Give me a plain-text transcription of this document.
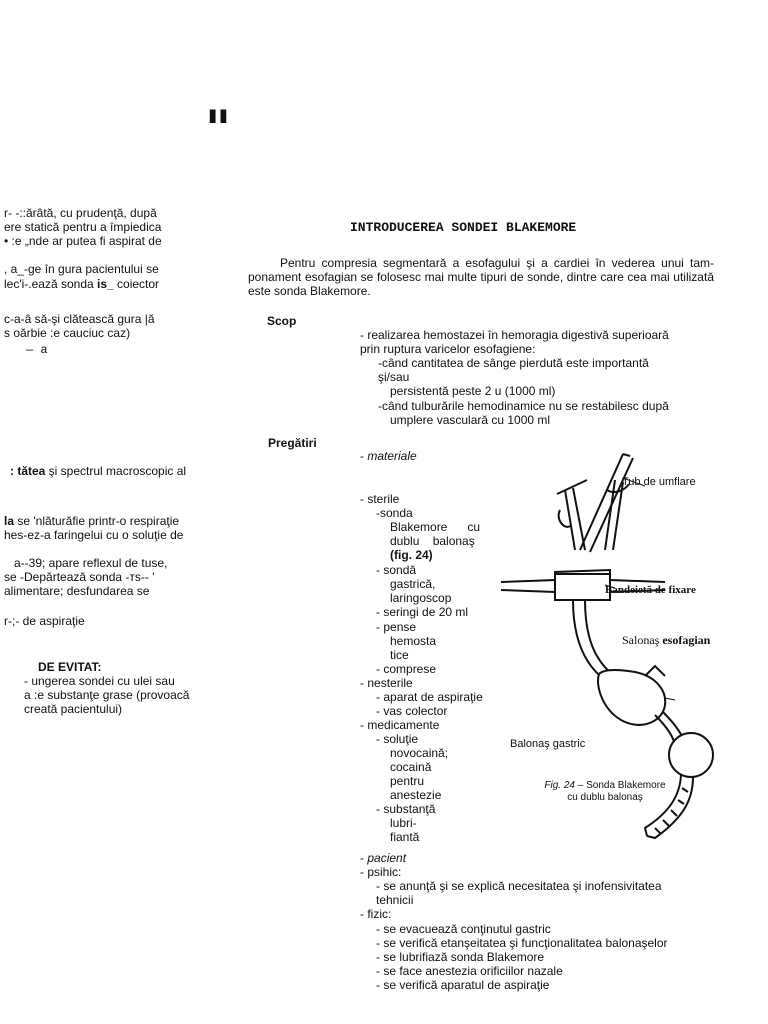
"
r- -::ărâtă, cu prudenţă, după
ere statică pentru a împiedica
• :e „nde ar putea fi aspirat de
, a_-ge în gura pacientului se
lec'i-.ează sonda is_ coiector
c-a-â să-şi clătească gura |ă
s oărbie :e cauciuc caz)
— a
: tătea şi spectrul macroscopic al
la se 'nlăturăfie printr-o respiraţie
hes-ez-a faringelui cu o soluţie de
a--39; apare reflexul de tuse,
se -Depărtează sonda -тs-- '
alimentare; desfundarea se
r-;- de aspiraţie
DE EVITAT:
- ungerea sondei cu ulei sau
a :e substanţe grase (provoacă
creată pacientului)
INTRODUCEREA SONDEI BLAKEMORE
Pentru compresia segmentară a esofagului şi a cardiei în vederea unui tam-ponament esofagian se folosesc mai multe tipuri de sonde, dintre care cea mai utilizată este sonda Blakemore.
Scop
- realizarea hemostazei în hemoragia digestivă superioară
prin ruptura varicelor esofagiene:
-când cantitatea de sânge pierdută este importantă
şi/sau
persistentă peste 2 u (1000 ml)
-când tulburările hemodinamice nu se restabilesc după
umplere vasculară cu 1000 ml
Pregătiri
- materiale
- sterile
-sonda
Blakemore      cu
dublu    balonaş
(fig. 24)
- sondă
gastrică,
laringoscop
- seringi de 20 ml
- pense
hemosta
tice
- comprese
- nesterile
- aparat de aspiraţie
- vas colector
- medicamente
- soluţie
novocaină;
cocaină
pentru
anestezie
- substanţă
lubri-
fiantă
- pacient
- psihic:
- se anunţă şi se explică necesitatea şi inofensivitatea
tehnicii
- fizic:
- se evacuează conţinutul gastric
- se verifică etanşeitatea şi funcţionalitatea balonaşelor
- se lubrifiază sonda Blakemore
- se face anestezia orificiilor nazale
- se verifică aparatul de aspiraţie
Tub de umflare
Bandeietă de fixare
Salonaş esofagian
Balonaş gastric
Fig. 24 – Sonda Blakemore
cu dublu balonaş
